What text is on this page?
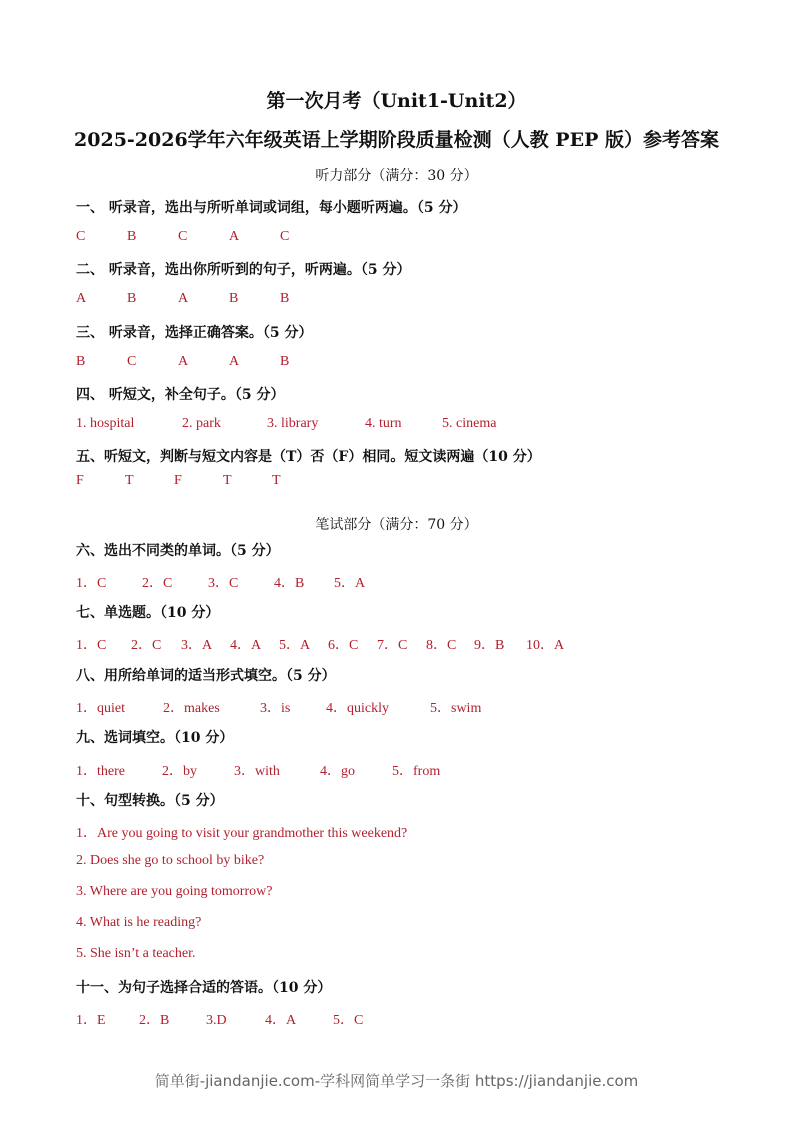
第一次月考（Unit1-Unit2）
2025-2026学年六年级英语上学期阶段质量检测（人教 PEP 版）参考答案
听力部分（满分：30 分）
一、 听录音，选出与所听单词或词组，每小题听两遍。（5 分）
C	B	C	A	C
二、 听录音，选出你所听到的句子，听两遍。（5 分）
A	B	A	B	B
三、 听录音，选择正确答案。（5 分）
B	C	A	A	B
四、 听短文，补全句子。（5 分）
1. hospital	2. park	3. library	4. turn	5. cinema
五、听短文，判断与短文内容是（T）否（F）相同。短文读两遍（10 分）
F	T	F	T	T
笔试部分（满分：70 分）
六、选出不同类的单词。（5 分）
1．C	2．C	3．C	4．B 5．A
七、单选题。（10 分）
1．C 2．C 3．A 4．A 5．A 6．C 7．C 8．C 9．B 10．A
八、用所给单词的适当形式填空。（5 分）
1．quiet	2．makes	3．is	4．quickly	5．swim
九、选词填空。（10 分）
1．there	2．by	3．with	4．go	5．from
十、句型转换。（5 分）
1．Are you going to visit your grandmother this weekend?
2. Does she go to school by bike?
3. Where are you going tomorrow?
4. What is he reading?
5. She isn’t a teacher.
十一、为句子选择合适的答语。（10 分）
1．E 2．B	3.D	4．A	5．C
简单街-jiandanjie.com-学科网简单学习一条街 https://jiandanjie.com
